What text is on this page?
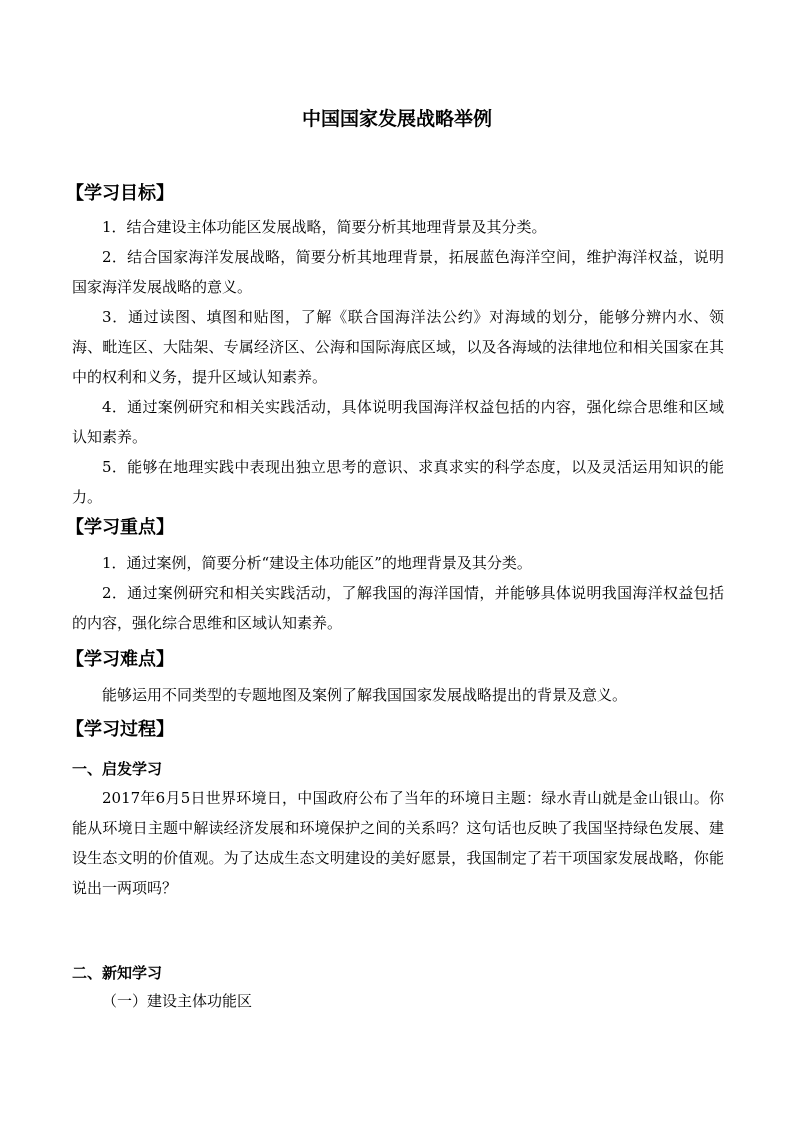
中国国家发展战略举例
【学习目标】
1．结合建设主体功能区发展战略，简要分析其地理背景及其分类。
2．结合国家海洋发展战略，简要分析其地理背景，拓展蓝色海洋空间，维护海洋权益，说明国家海洋发展战略的意义。
3．通过读图、填图和贴图，了解《联合国海洋法公约》对海域的划分，能够分辨内水、领海、毗连区、大陆架、专属经济区、公海和国际海底区域，以及各海域的法律地位和相关国家在其中的权利和义务，提升区域认知素养。
4．通过案例研究和相关实践活动，具体说明我国海洋权益包括的内容，强化综合思维和区域认知素养。
5．能够在地理实践中表现出独立思考的意识、求真求实的科学态度，以及灵活运用知识的能力。
【学习重点】
1．通过案例，简要分析“建设主体功能区”的地理背景及其分类。
2．通过案例研究和相关实践活动，了解我国的海洋国情，并能够具体说明我国海洋权益包括的内容，强化综合思维和区域认知素养。
【学习难点】
能够运用不同类型的专题地图及案例了解我国国家发展战略提出的背景及意义。
【学习过程】
一、启发学习
2017年6月5日世界环境日，中国政府公布了当年的环境日主题：绿水青山就是金山银山。你能从环境日主题中解读经济发展和环境保护之间的关系吗？这句话也反映了我国坚持绿色发展、建设生态文明的价值观。为了达成生态文明建设的美好愿景，我国制定了若干项国家发展战略，你能说出一两项吗？
二、新知学习
（一）建设主体功能区
